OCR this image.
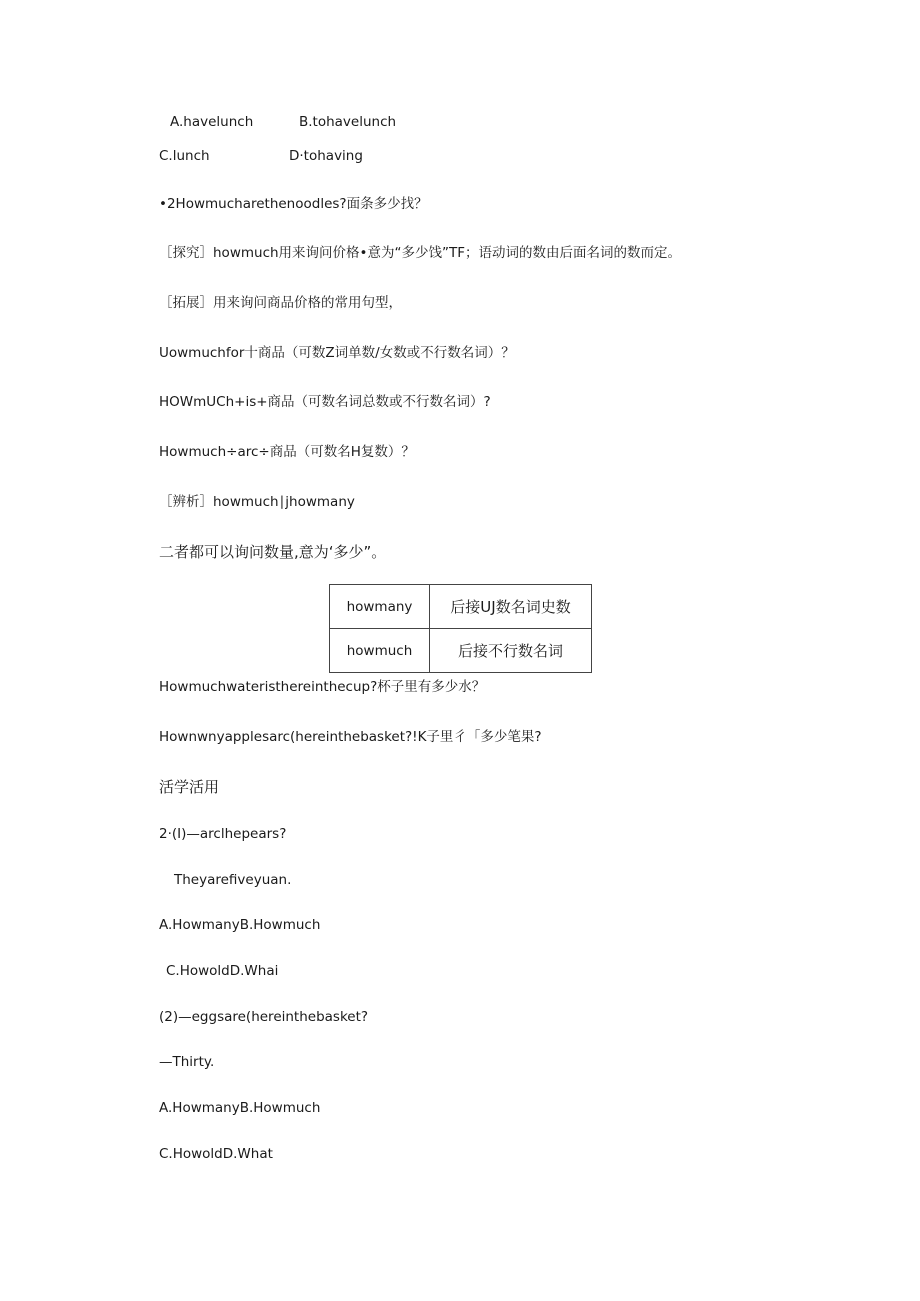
A.havelunch	B.tohavelunch
C.lunch	D·tohaving
•2Howmucharethenoodles?面条多少找？
［探究］howmuch用来询问价格•意为“多少饯”TF；语动词的数由后面名词的数而定。
［拓展］用来询问商品价格的常用句型，
Uowmuchfor十商品（可数Z词单数/女数或不行数名词）？
HOWmUCh+is+商品（可数名词总数或不行数名词）?
Howmuch÷arc÷商品（可数名H复数）？
［辨析］howmuch∣jhowmany
二者都可以询问数量,意为‘多少”。
howmany	后接UJ数名词史数
howmuch	后接不行数名词
Howmuchwateristhereinthecup?杯子里有多少水？
Hownwnyapplesarc(hereinthebasket?!K子里彳「多少笔果?
活学活用
2·(I)—arclhepears?
Theyarefiveyuan.
A.HowmanyB.Howmuch
C.HowoldD.Whai
(2)—eggsare(hereinthebasket?
—Thirty.
A.HowmanyB.Howmuch
C.HowoldD.What
